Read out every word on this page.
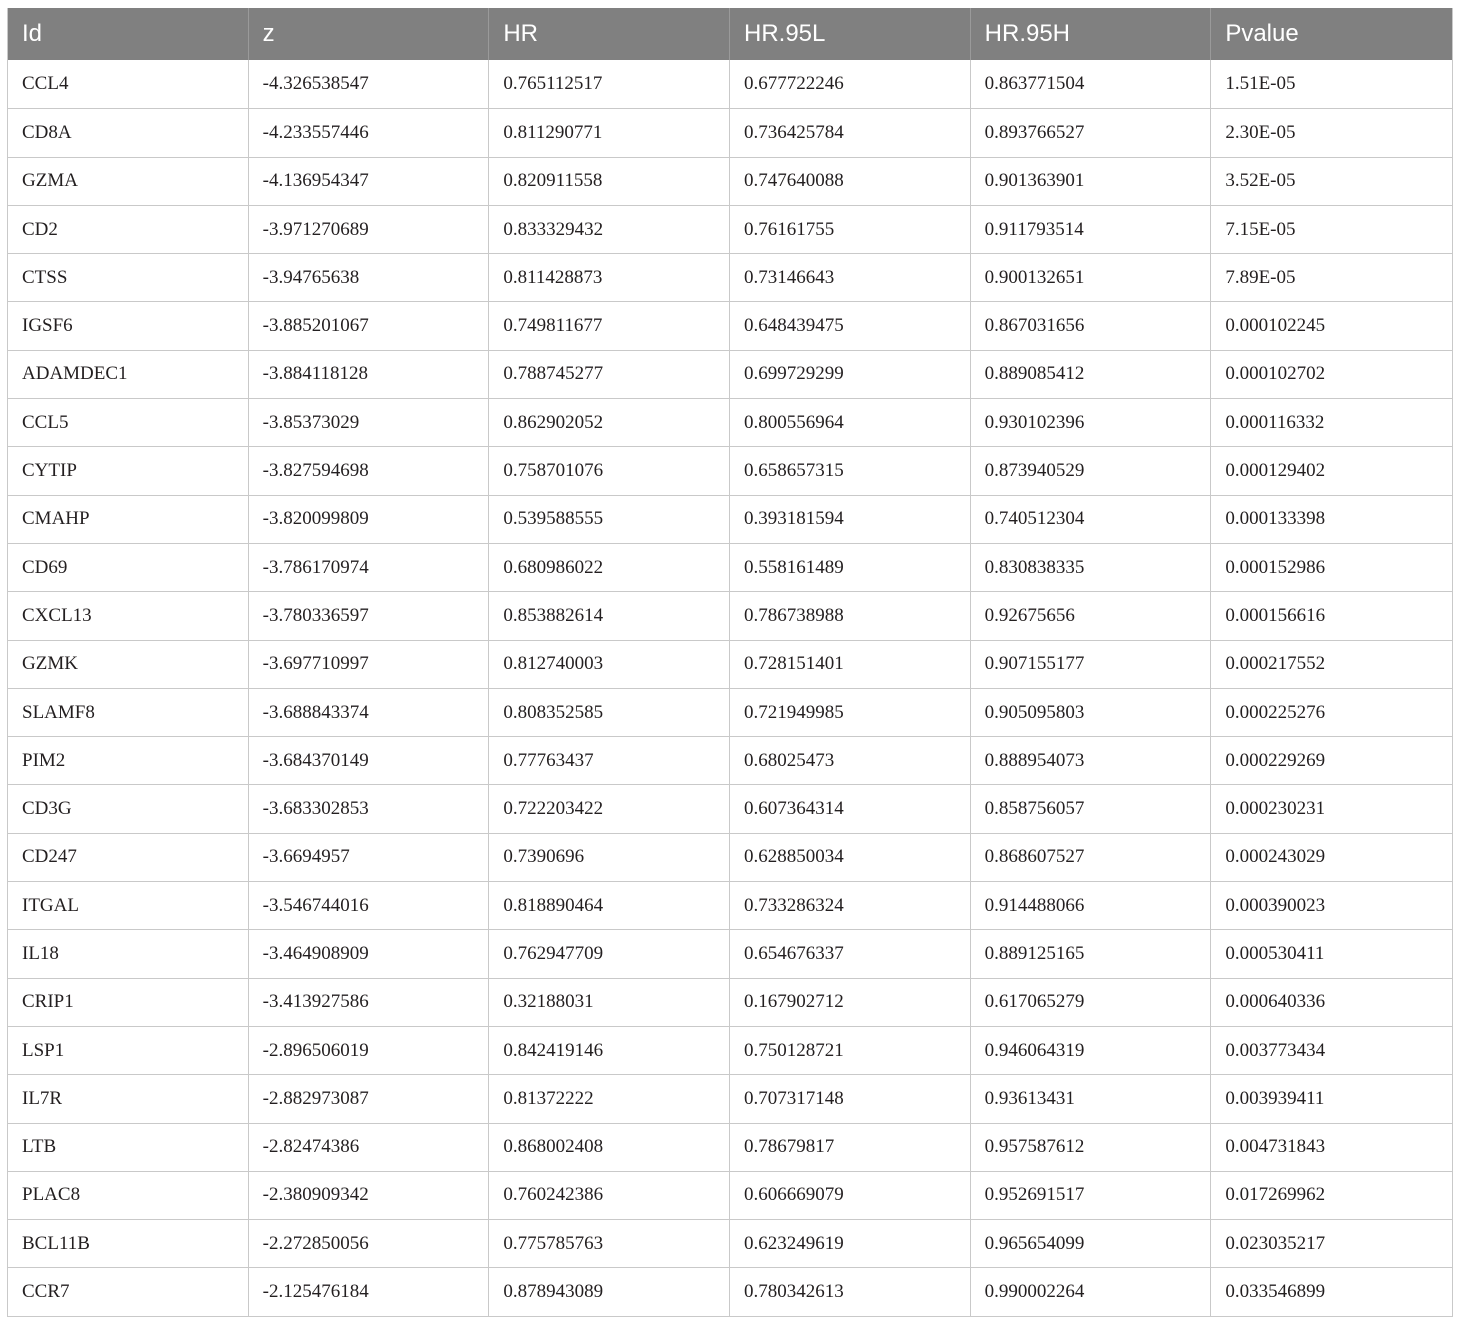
Id	z	HR	HR.95L	HR.95H	Pvalue
CCL4	-4.326538547	0.765112517	0.677722246	0.863771504	1.51E-05
CD8A	-4.233557446	0.811290771	0.736425784	0.893766527	2.30E-05
GZMA	-4.136954347	0.820911558	0.747640088	0.901363901	3.52E-05
CD2	-3.971270689	0.833329432	0.76161755	0.911793514	7.15E-05
CTSS	-3.94765638	0.811428873	0.73146643	0.900132651	7.89E-05
IGSF6	-3.885201067	0.749811677	0.648439475	0.867031656	0.000102245
ADAMDEC1	-3.884118128	0.788745277	0.699729299	0.889085412	0.000102702
CCL5	-3.85373029	0.862902052	0.800556964	0.930102396	0.000116332
CYTIP	-3.827594698	0.758701076	0.658657315	0.873940529	0.000129402
CMAHP	-3.820099809	0.539588555	0.393181594	0.740512304	0.000133398
CD69	-3.786170974	0.680986022	0.558161489	0.830838335	0.000152986
CXCL13	-3.780336597	0.853882614	0.786738988	0.92675656	0.000156616
GZMK	-3.697710997	0.812740003	0.728151401	0.907155177	0.000217552
SLAMF8	-3.688843374	0.808352585	0.721949985	0.905095803	0.000225276
PIM2	-3.684370149	0.77763437	0.68025473	0.888954073	0.000229269
CD3G	-3.683302853	0.722203422	0.607364314	0.858756057	0.000230231
CD247	-3.6694957	0.7390696	0.628850034	0.868607527	0.000243029
ITGAL	-3.546744016	0.818890464	0.733286324	0.914488066	0.000390023
IL18	-3.464908909	0.762947709	0.654676337	0.889125165	0.000530411
CRIP1	-3.413927586	0.32188031	0.167902712	0.617065279	0.000640336
LSP1	-2.896506019	0.842419146	0.750128721	0.946064319	0.003773434
IL7R	-2.882973087	0.81372222	0.707317148	0.93613431	0.003939411
LTB	-2.82474386	0.868002408	0.78679817	0.957587612	0.004731843
PLAC8	-2.380909342	0.760242386	0.606669079	0.952691517	0.017269962
BCL11B	-2.272850056	0.775785763	0.623249619	0.965654099	0.023035217
CCR7	-2.125476184	0.878943089	0.780342613	0.990002264	0.033546899
